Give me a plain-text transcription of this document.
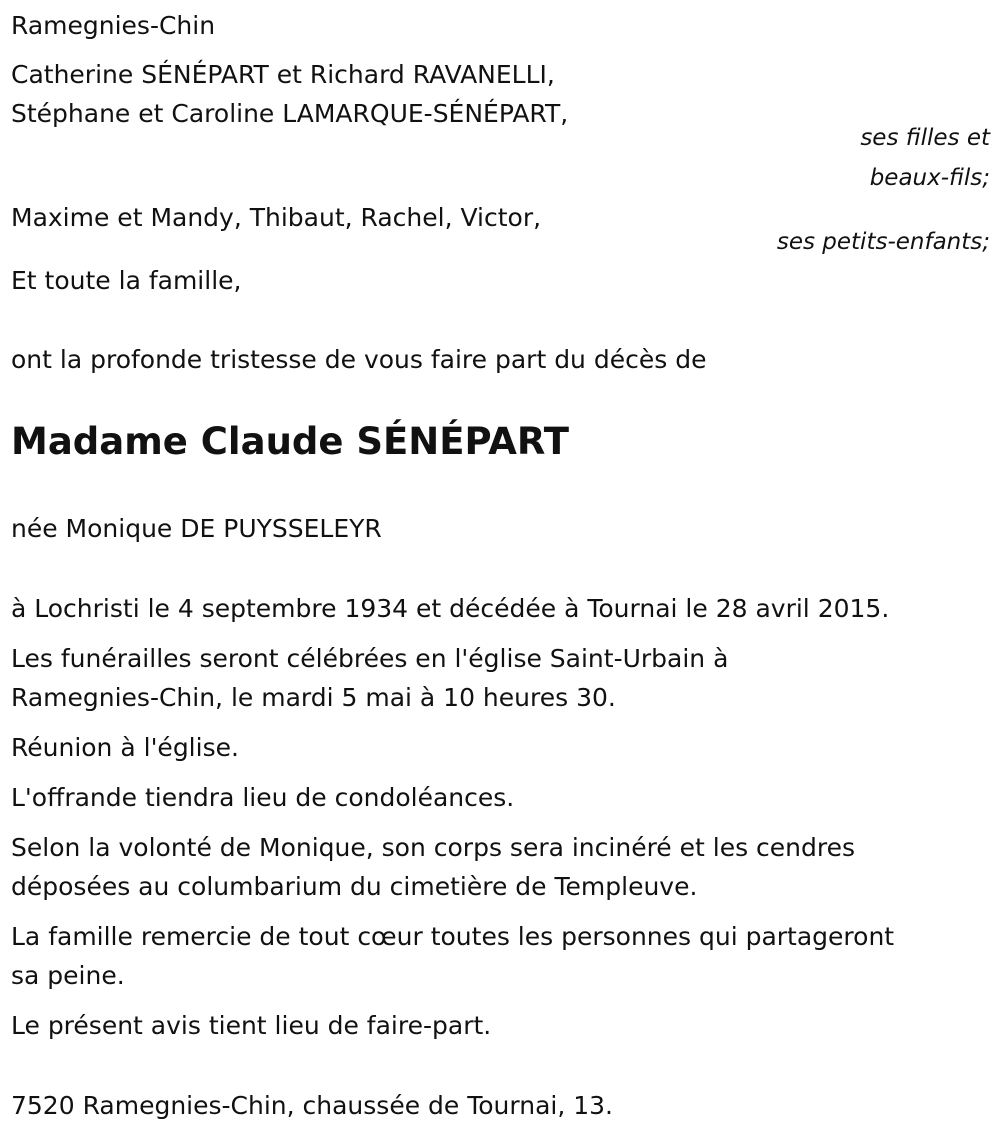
Ramegnies-Chin
Catherine SÉNÉPART et Richard RAVANELLI,
Stéphane et Caroline LAMARQUE-SÉNÉPART,
ses filles et
beaux-fils;
Maxime et Mandy, Thibaut, Rachel, Victor,
ses petits-enfants;
Et toute la famille,
ont la profonde tristesse de vous faire part du décès de
Madame Claude SÉNÉPART
née Monique DE PUYSSELEYR
à Lochristi le 4 septembre 1934 et décédée à Tournai le 28 avril 2015.
Les funérailles seront célébrées en l'église Saint-Urbain à
Ramegnies-Chin, le mardi 5 mai à 10 heures 30.
Réunion à l'église.
L'offrande tiendra lieu de condoléances.
Selon la volonté de Monique, son corps sera incinéré et les cendres
déposées au columbarium du cimetière de Templeuve.
La famille remercie de tout cœur toutes les personnes qui partageront
sa peine.
Le présent avis tient lieu de faire-part.
7520 Ramegnies-Chin, chaussée de Tournai, 13.
